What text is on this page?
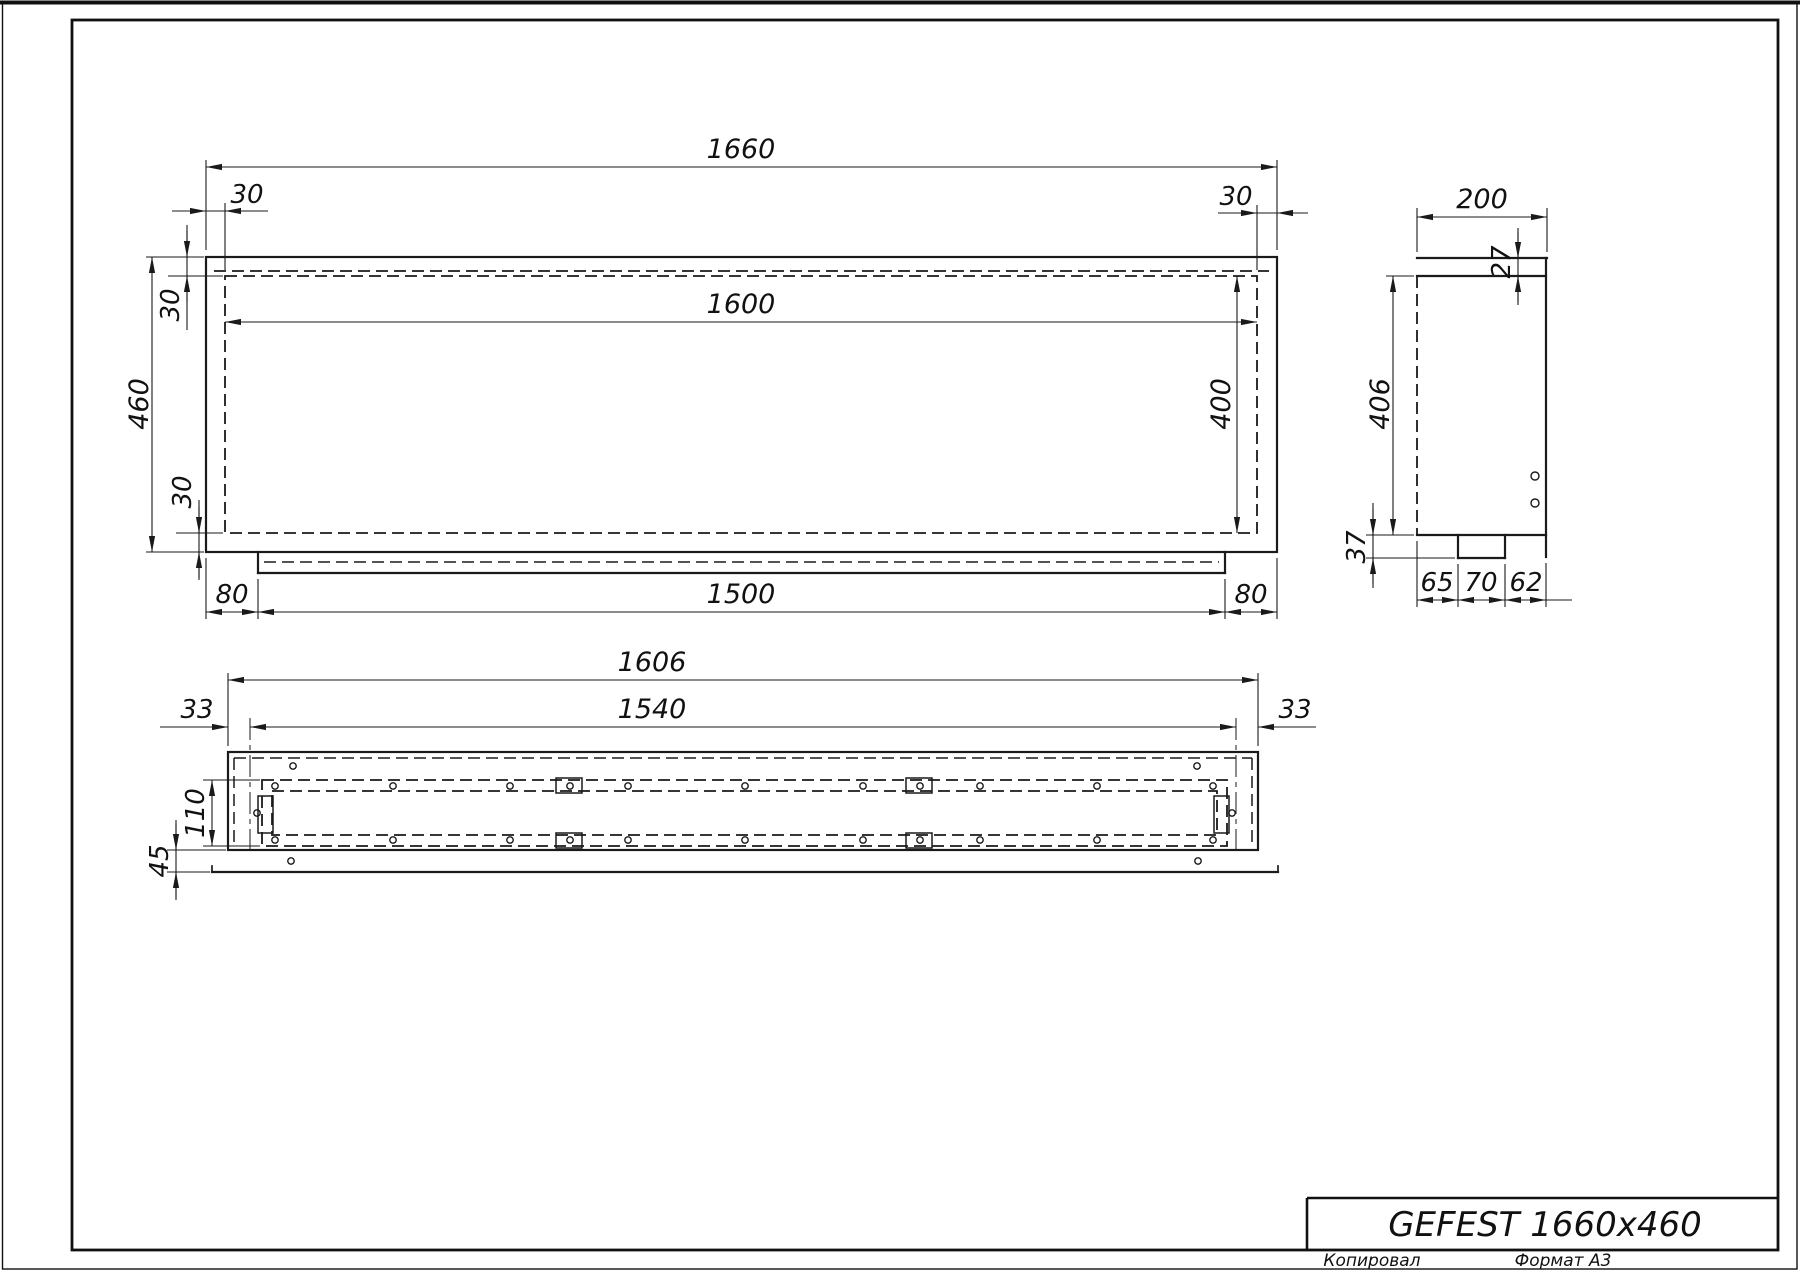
1660
30	30
1600
460
30
30
400
80	1500	80
200
27
406
37
65 70 62
1606
33	1540	33
110
45
GEFEST 1660x460
Копировал	Формат A3
